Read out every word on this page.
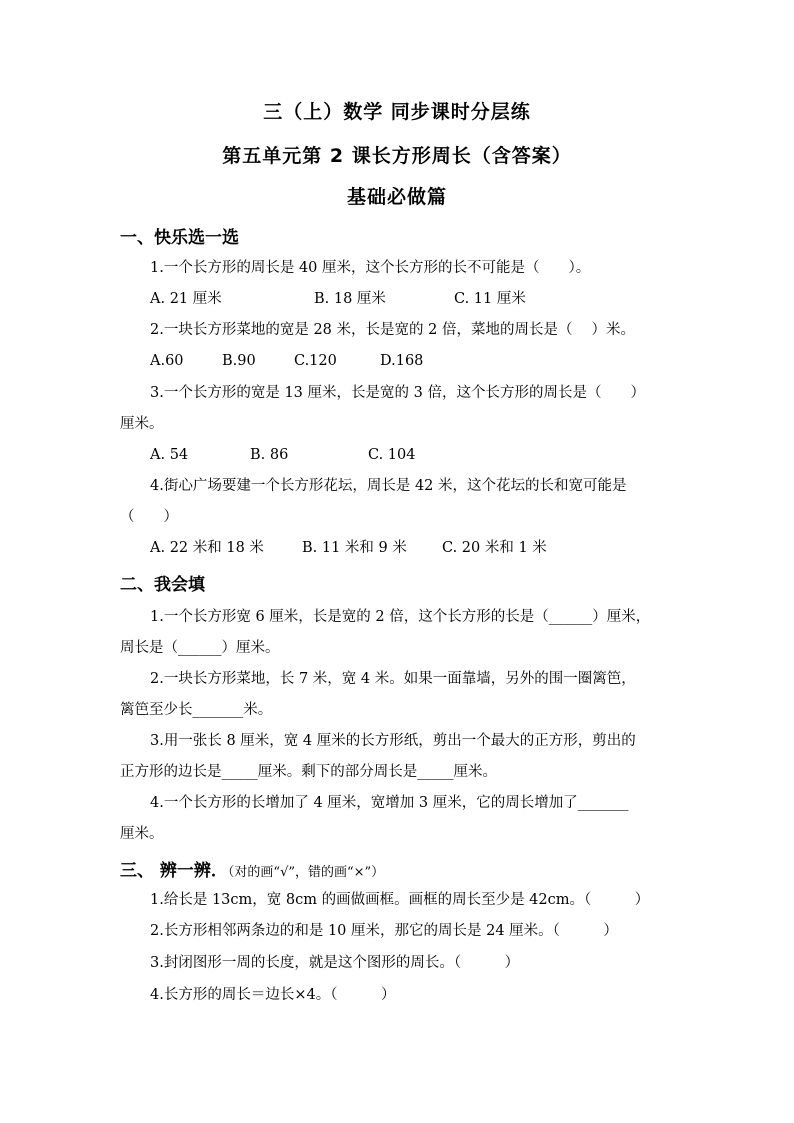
三（上）数学 同步课时分层练
第五单元第 2 课长方形周长（含答案）
基础必做篇
一、快乐选一选
1.一个长方形的周长是 40 厘米，这个长方形的长不可能是（　　）。
A. 21 厘米	B. 18 厘米	C. 11 厘米
2.一块长方形菜地的宽是 28 米，长是宽的 2 倍，菜地的周长是（　 ）米。
A.60	B.90	C.120	D.168
3.一个长方形的宽是 13 厘米，长是宽的 3 倍，这个长方形的周长是（　　）
厘米。
A. 54	B. 86	C. 104
4.街心广场要建一个长方形花坛，周长是 42 米，这个花坛的长和宽可能是
（　　）
A. 22 米和 18 米	B. 11 米和 9 米 C. 20 米和 1 米
二、我会填
1.一个长方形宽 6 厘米，长是宽的 2 倍，这个长方形的长是（______）厘米，
周长是（______）厘米。
2.一块长方形菜地，长 7 米，宽 4 米。如果一面靠墙，另外的围一圈篱笆，
篱笆至少长_______米。
3.用一张长 8 厘米，宽 4 厘米的长方形纸，剪出一个最大的正方形，剪出的
正方形的边长是_____厘米。剩下的部分周长是_____厘米。
4.一个长方形的长增加了 4 厘米，宽增加 3 厘米，它的周长增加了_______
厘米。
三、 辨一辨．（对的画“√”，错的画“×”）
1.给长是 13cm，宽 8cm 的画做画框。画框的周长至少是 42cm。（　　　）
2.长方形相邻两条边的和是 10 厘米，那它的周长是 24 厘米。（　　　）
3.封闭图形一周的长度，就是这个图形的周长。（　　　）
4.长方形的周长＝边长×4。（　　　）
